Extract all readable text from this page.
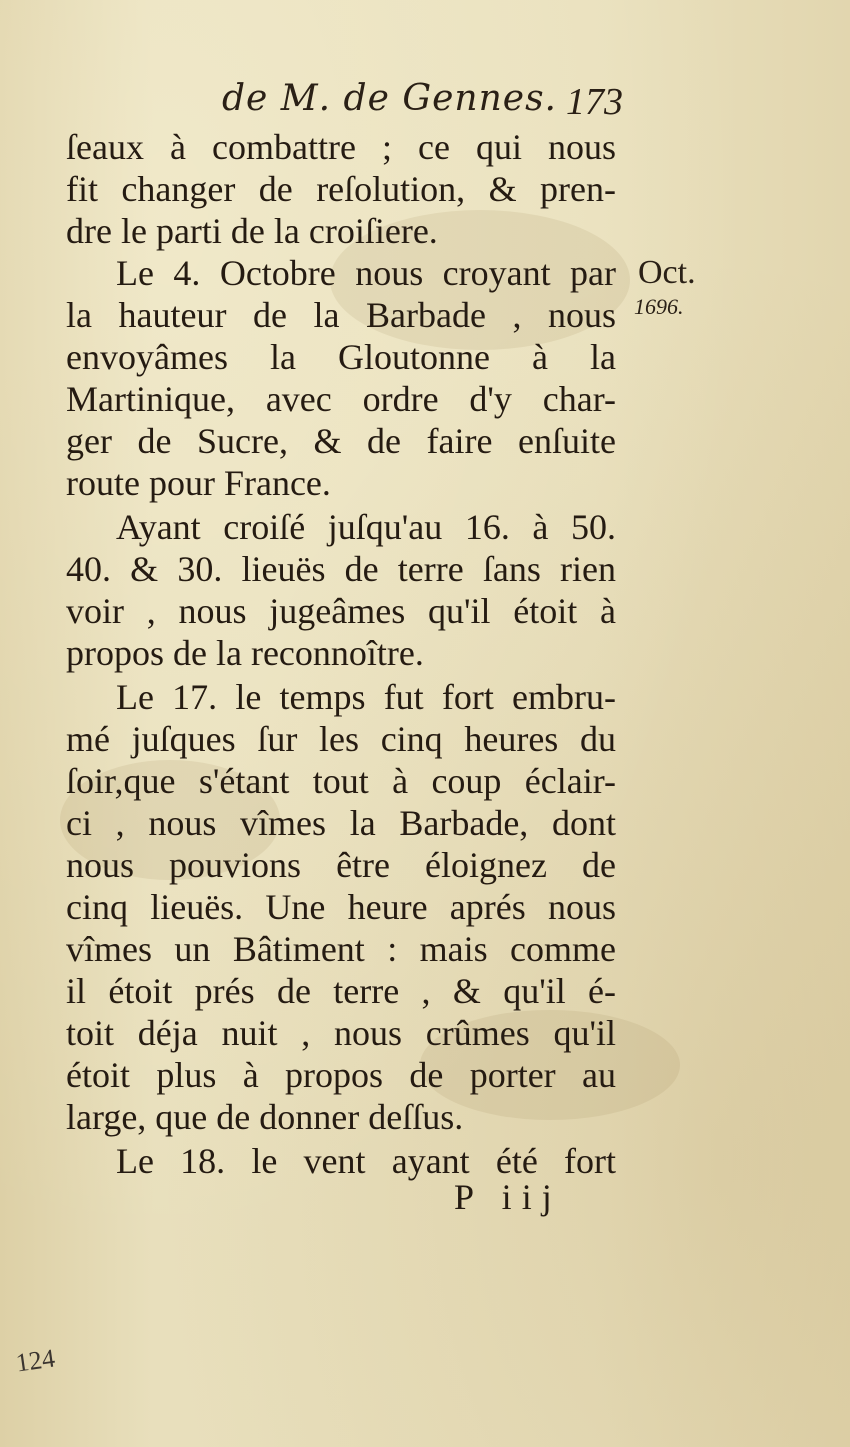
de M. de Gennes. 173
ſeaux à combattre ; ce qui nous
fit changer de reſolution, & pren-
dre le parti de la croiſiere.
Le 4. Octobre nous croyant par
la hauteur de la Barbade , nous
envoyâmes la Gloutonne à la
Martinique, avec ordre d'y char-
ger de Sucre, & de faire enſuite
route pour France.
Ayant croiſé juſqu'au 16. à 50.
40. & 30. lieuës de terre ſans rien
voir , nous jugeâmes qu'il étoit à
propos de la reconnoître.
Le 17. le temps fut fort embru-
mé juſques ſur les cinq heures du
ſoir,que s'étant tout à coup éclair-
ci , nous vîmes la Barbade, dont
nous pouvions être éloignez de
cinq lieuës. Une heure aprés nous
vîmes un Bâtiment : mais comme
il étoit prés de terre , & qu'il é-
toit déja nuit , nous crûmes qu'il
étoit plus à propos de porter au
large, que de donner deſſus.
Le 18. le vent ayant été fort
Oct.
1696.
P iij
124
